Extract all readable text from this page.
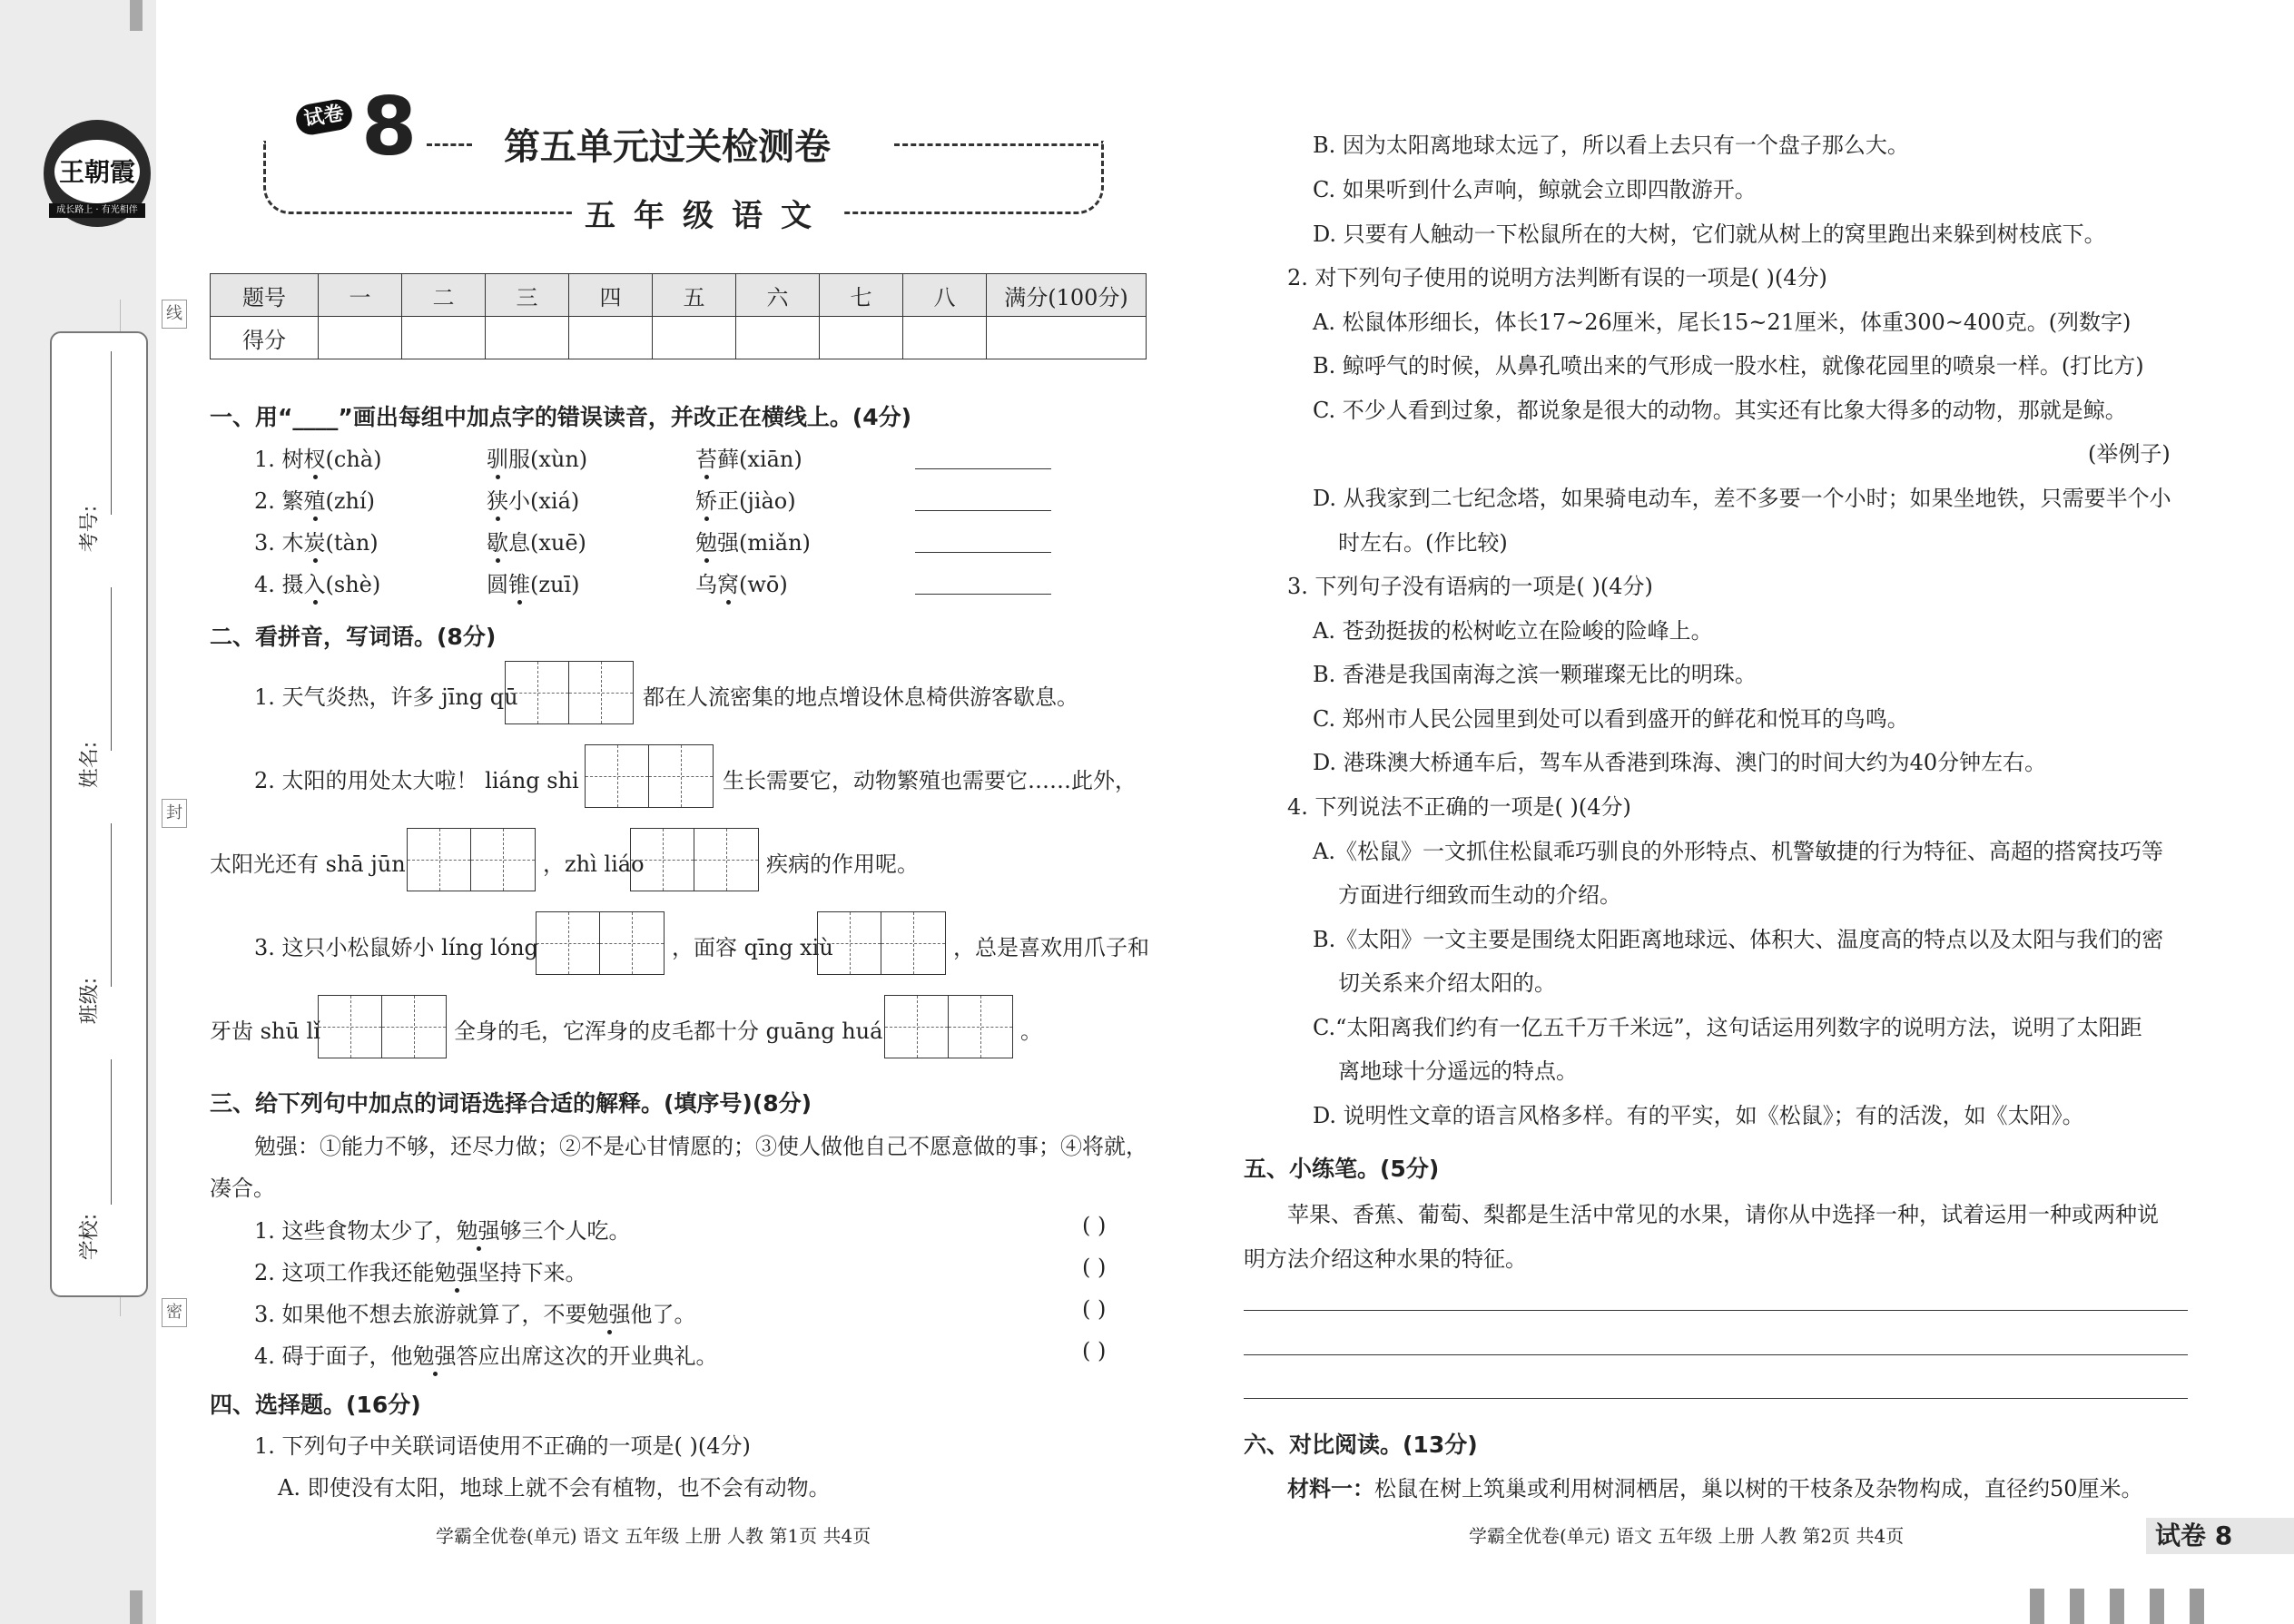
王朝霞
成长路上 · 有光相伴
线
封
密
考号:
姓名:
班级:
学校:
试卷 8 第五单元过关检测卷
五年级语文
题号	一	二	三	四	五	六	七	八	满分(100分)
得分									
一、用“____”画出每组中加点字的错误读音，并改正在横线上。(4分)
1. 树杈(chà)	驯服(xùn)	苔藓(xiān)
2. 繁殖(zhí)	狭小(xiá)	矫正(jiào)
3. 木炭(tàn)	歇息(xuē)	勉强(miǎn)
4. 摄入(shè)	圆锥(zuī)	乌窝(wō)
二、看拼音，写词语。(8分)
1. 天气炎热，许多 jīng qū	都在人流密集的地点增设休息椅供游客歇息。
2. 太阳的用处太大啦！ liáng shi	生长需要它，动物繁殖也需要它……此外，
太阳光还有 shā jūn	，zhì liáo	疾病的作用呢。
3. 这只小松鼠娇小 líng lóng	，面容 qīng xiù	，总是喜欢用爪子和
牙齿 shū lǐ	全身的毛，它浑身的皮毛都十分 guāng huá	。
三、给下列句中加点的词语选择合适的解释。(填序号)(8分)
勉强：①能力不够，还尽力做；②不是心甘情愿的；③使人做他自己不愿意做的事；④将就，
凑合。
1. 这些食物太少了，勉强够三个人吃。	( )
2. 这项工作我还能勉强坚持下来。	( )
3. 如果他不想去旅游就算了，不要勉强他了。	( )
4. 碍于面子，他勉强答应出席这次的开业典礼。	( )
四、选择题。(16分)
1. 下列句子中关联词语使用不正确的一项是( )(4分)
A. 即使没有太阳，地球上就不会有植物，也不会有动物。
B. 因为太阳离地球太远了，所以看上去只有一个盘子那么大。
C. 如果听到什么声响，鲸就会立即四散游开。
D. 只要有人触动一下松鼠所在的大树，它们就从树上的窝里跑出来躲到树枝底下。
2. 对下列句子使用的说明方法判断有误的一项是( )(4分)
A. 松鼠体形细长，体长17~26厘米，尾长15~21厘米，体重300~400克。(列数字)
B. 鲸呼气的时候，从鼻孔喷出来的气形成一股水柱，就像花园里的喷泉一样。(打比方)
C. 不少人看到过象，都说象是很大的动物。其实还有比象大得多的动物，那就是鲸。
(举例子)
D. 从我家到二七纪念塔，如果骑电动车，差不多要一个小时；如果坐地铁，只需要半个小
时左右。(作比较)
3. 下列句子没有语病的一项是( )(4分)
A. 苍劲挺拔的松树屹立在险峻的险峰上。
B. 香港是我国南海之滨一颗璀璨无比的明珠。
C. 郑州市人民公园里到处可以看到盛开的鲜花和悦耳的鸟鸣。
D. 港珠澳大桥通车后，驾车从香港到珠海、澳门的时间大约为40分钟左右。
4. 下列说法不正确的一项是( )(4分)
A.《松鼠》一文抓住松鼠乖巧驯良的外形特点、机警敏捷的行为特征、高超的搭窝技巧等
方面进行细致而生动的介绍。
B.《太阳》一文主要是围绕太阳距离地球远、体积大、温度高的特点以及太阳与我们的密
切关系来介绍太阳的。
C.“太阳离我们约有一亿五千万千米远”，这句话运用列数字的说明方法，说明了太阳距
离地球十分遥远的特点。
D. 说明性文章的语言风格多样。有的平实，如《松鼠》；有的活泼，如《太阳》。
五、小练笔。(5分)
苹果、香蕉、葡萄、梨都是生活中常见的水果，请你从中选择一种，试着运用一种或两种说
明方法介绍这种水果的特征。
六、对比阅读。(13分)
材料一：松鼠在树上筑巢或利用树洞栖居，巢以树的干枝条及杂物构成，直径约50厘米。
学霸全优卷(单元) 语文 五年级 上册 人教 第1页 共4页	学霸全优卷(单元) 语文 五年级 上册 人教 第2页 共4页	试卷 8
